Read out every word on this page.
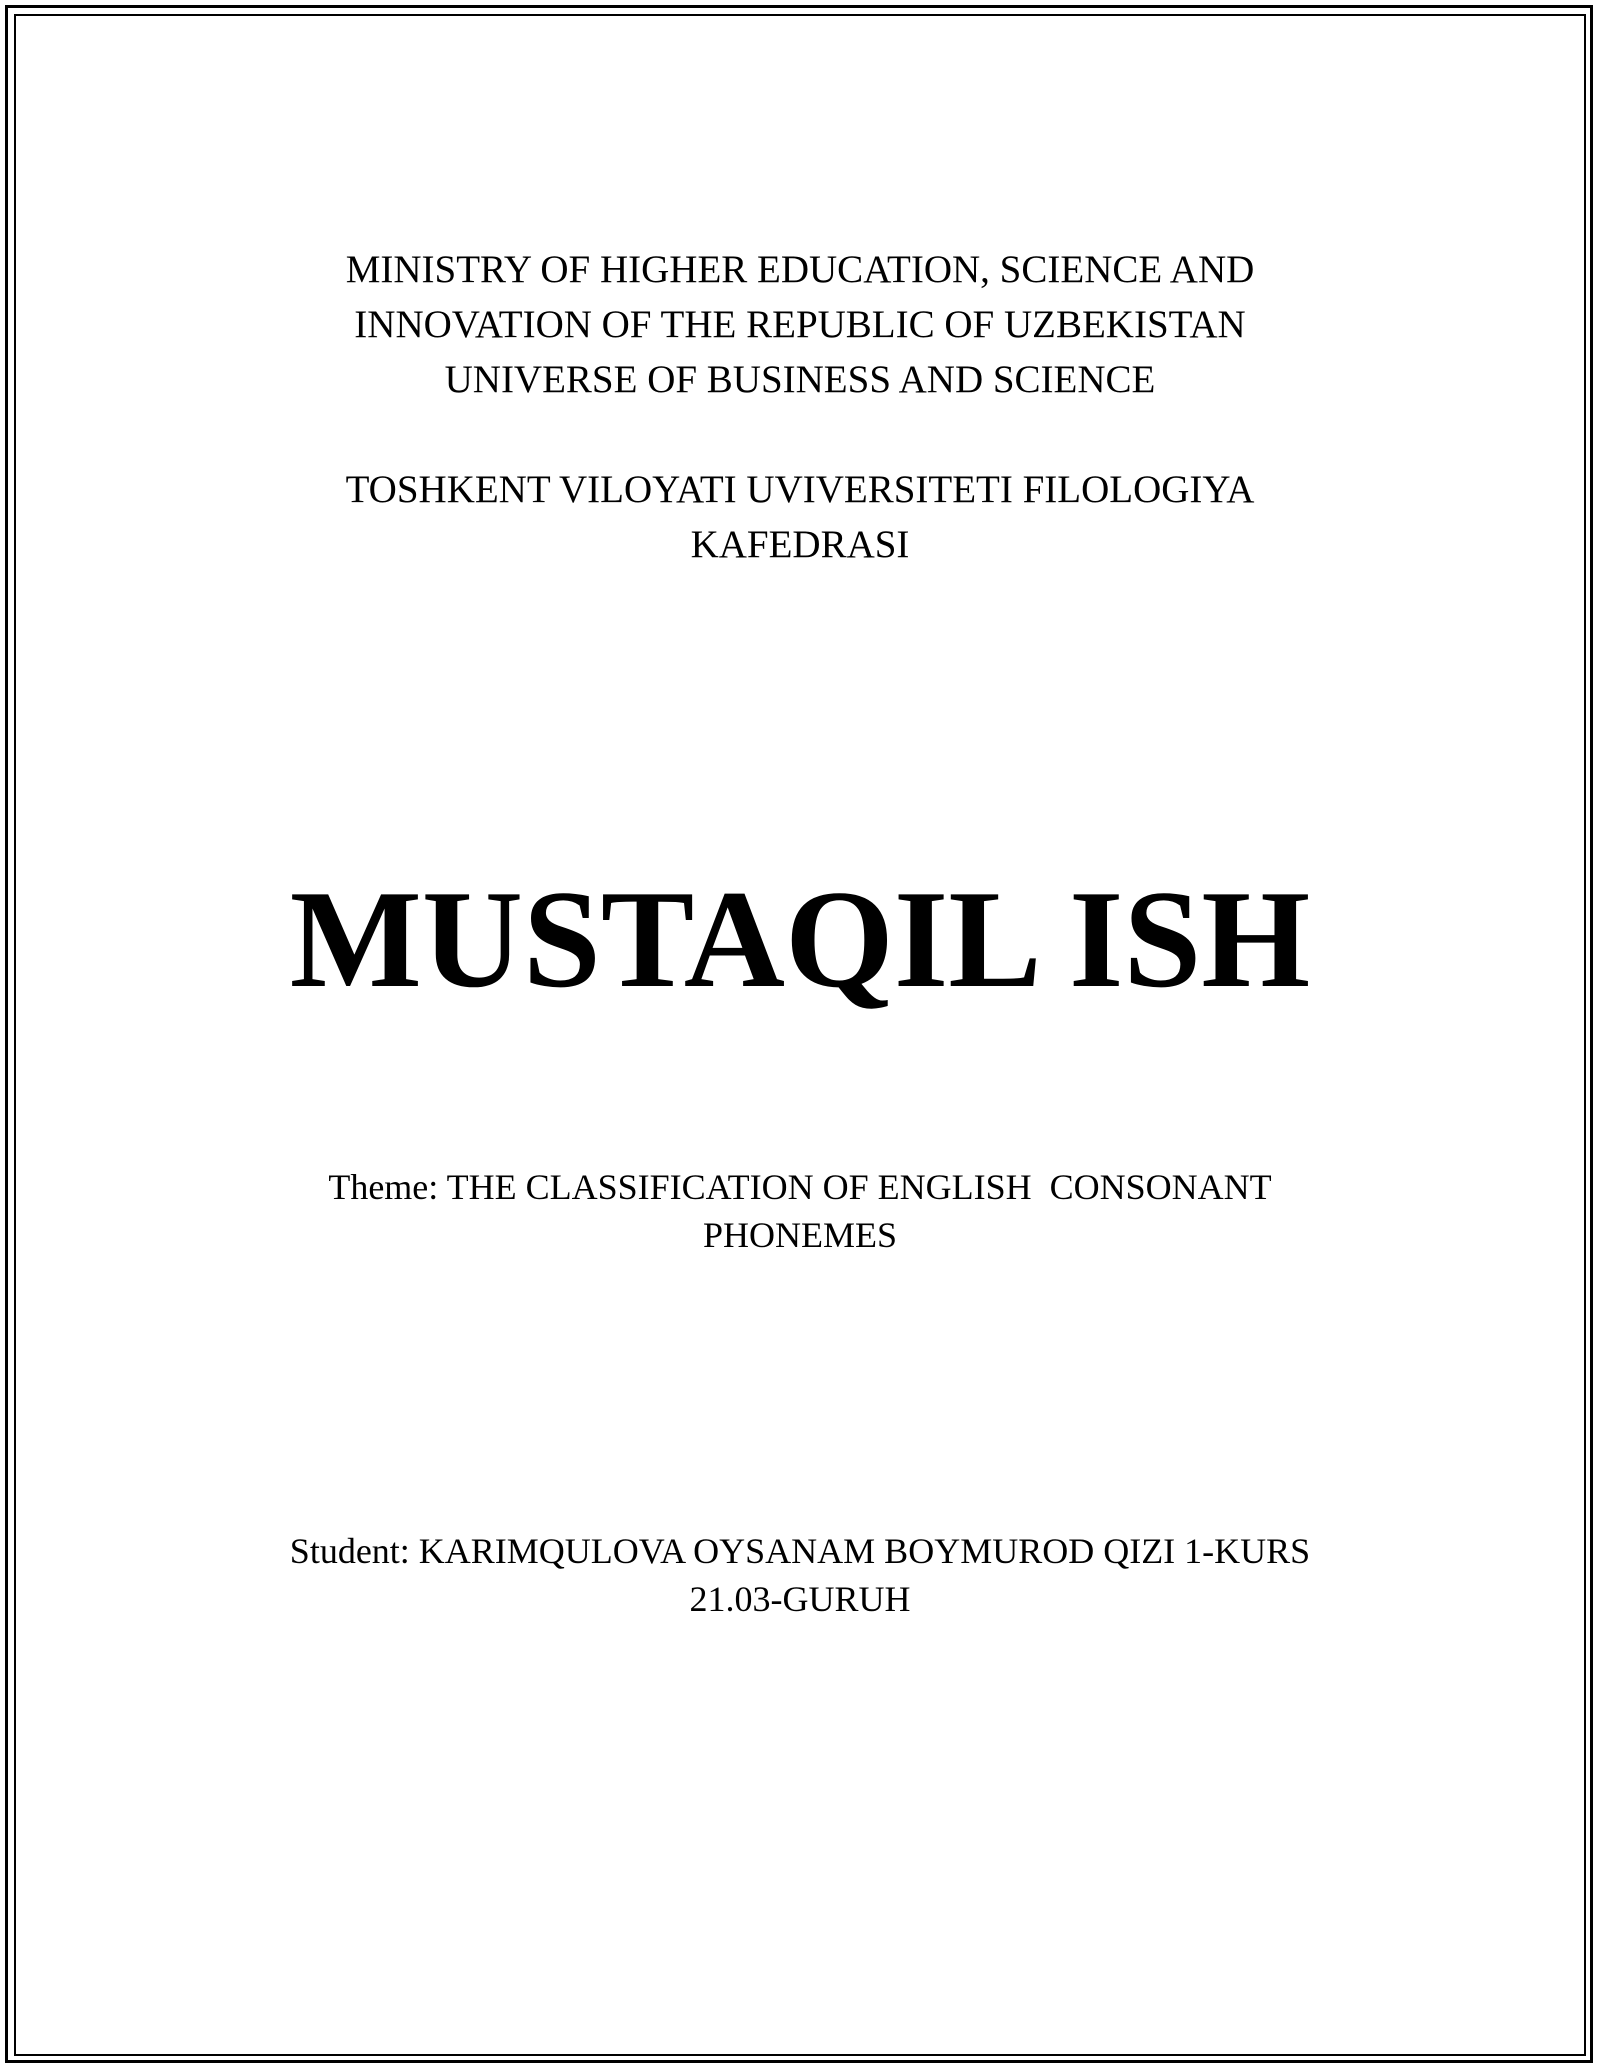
MINISTRY OF HIGHER EDUCATION, SCIENCE AND
INNOVATION OF THE REPUBLIC OF UZBEKISTAN
UNIVERSE OF BUSINESS AND SCIENCE
TOSHKENT VILOYATI UVIVERSITETI FILOLOGIYA
KAFEDRASI
MUSTAQIL ISH
Theme: THE CLASSIFICATION OF ENGLISH  CONSONANT
PHONEMES
Student: KARIMQULOVA OYSANAM BOYMUROD QIZI 1-KURS
21.03-GURUH
